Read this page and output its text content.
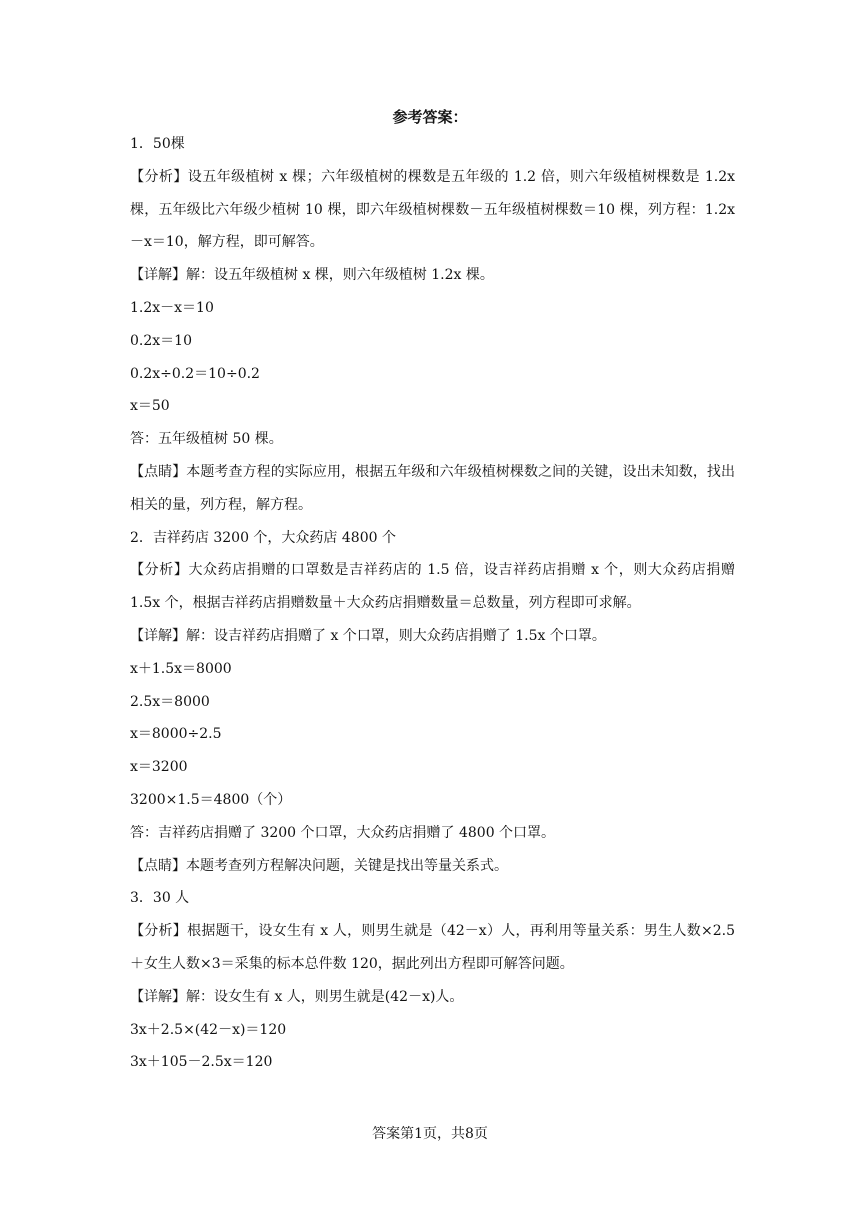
参考答案：

1．50棵

【分析】设五年级植树 x 棵；六年级植树的棵数是五年级的 1.2 倍，则六年级植树棵数是 1.2x 棵，五年级比六年级少植树 10 棵，即六年级植树棵数－五年级植树棵数＝10 棵，列方程：1.2x－x＝10，解方程，即可解答。

【详解】解：设五年级植树 x 棵，则六年级植树 1.2x 棵。

1.2x－x＝10

0.2x＝10

0.2x÷0.2＝10÷0.2

x＝50

答：五年级植树 50 棵。

【点睛】本题考查方程的实际应用，根据五年级和六年级植树棵数之间的关键，设出未知数，找出相关的量，列方程，解方程。

2．吉祥药店 3200 个，大众药店 4800 个

【分析】大众药店捐赠的口罩数是吉祥药店的 1.5 倍，设吉祥药店捐赠 x 个，则大众药店捐赠 1.5x 个，根据吉祥药店捐赠数量＋大众药店捐赠数量＝总数量，列方程即可求解。

【详解】解：设吉祥药店捐赠了 x 个口罩，则大众药店捐赠了 1.5x 个口罩。

x＋1.5x＝8000

2.5x＝8000

x＝8000÷2.5

x＝3200

3200×1.5＝4800（个）

答：吉祥药店捐赠了 3200 个口罩，大众药店捐赠了 4800 个口罩。

【点睛】本题考查列方程解决问题，关键是找出等量关系式。

3．30 人

【分析】根据题干，设女生有 x 人，则男生就是（42－x）人，再利用等量关系：男生人数×2.5＋女生人数×3＝采集的标本总件数 120，据此列出方程即可解答问题。

【详解】解：设女生有 x 人，则男生就是(42－x)人。

3x＋2.5×(42－x)＝120

3x＋105－2.5x＝120

答案第1页，共8页
